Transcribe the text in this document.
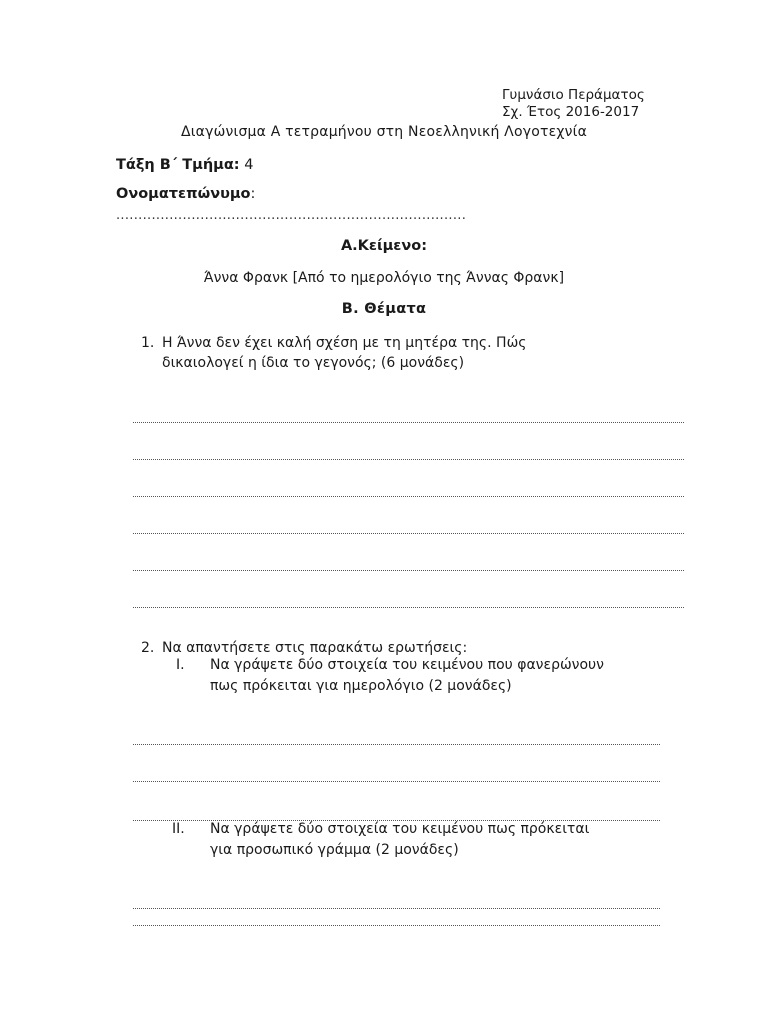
Γυμνάσιο Περάματος
Σχ. Έτος 2016-2017
Διαγώνισμα Α τετραμήνου στη Νεοελληνική Λογοτεχνία
Τάξη Β΄ Τμήμα: 4
Ονοματεπώνυμο:
...............................................................................
Α.Κείμενο:
Άννα Φρανκ [Από το ημερολόγιο της Άννας Φρανκ]
Β. Θέματα
1. Η Άννα δεν έχει καλή σχέση με τη μητέρα της. Πώς
δικαιολογεί η ίδια το γεγονός; (6 μονάδες)
2. Να απαντήσετε στις παρακάτω ερωτήσεις:
I. Να γράψετε δύο στοιχεία του κειμένου που φανερώνουν
πως πρόκειται για ημερολόγιο (2 μονάδες)
II. Να γράψετε δύο στοιχεία του κειμένου πως πρόκειται
για προσωπικό γράμμα (2 μονάδες)
